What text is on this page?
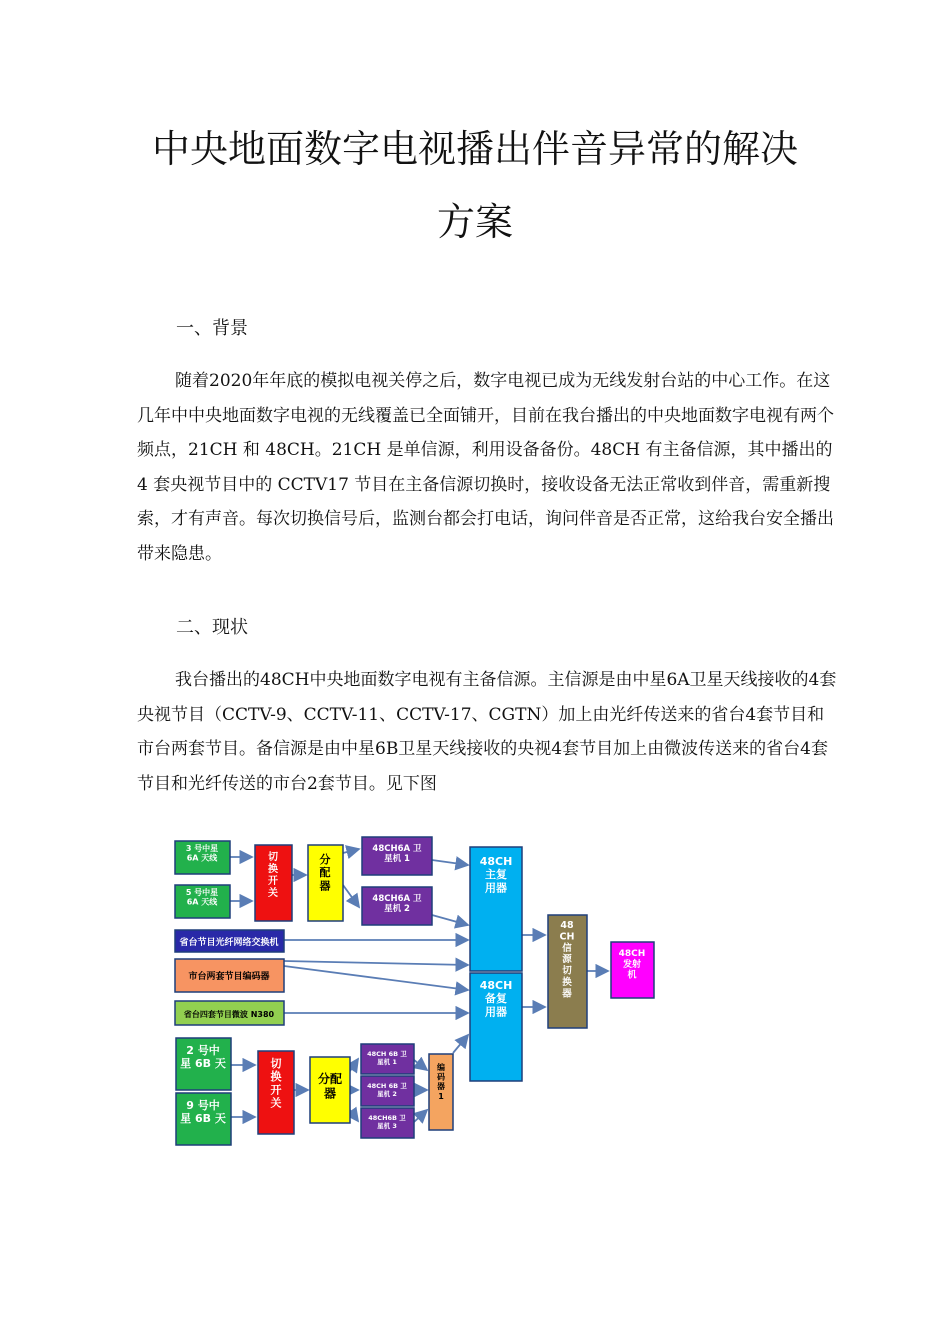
中央地面数字电视播出伴音异常的解决
方案
一、背景

随着2020年年底的模拟电视关停之后，数字电视已成为无线发射台站的中心工作。在这几年中中央地面数字电视的无线覆盖已全面铺开，目前在我台播出的中央地面数字电视有两个频点，21CH 和 48CH。21CH 是单信源，利用设备备份。48CH 有主备信源，其中播出的 4 套央视节目中的 CCTV17 节目在主备信源切换时，接收设备无法正常收到伴音，需重新搜索，才有声音。每次切换信号后，监测台都会打电话，询问伴音是否正常，这给我台安全播出带来隐患。

二、现状

我台播出的48CH中央地面数字电视有主备信源。主信源是由中星6A卫星天线接收的4套央视节目（CCTV-9、CCTV-11、CCTV-17、CGTN）加上由光纤传送来的省台4套节目和市台两套节目。备信源是由中星6B卫星天线接收的央视4套节目加上由微波传送来的省台4套节目和光纤传送的市台2套节目。见下图

3 号中星 6A 天线
5 号中星 6A 天线
切换开关
分配器
48CH6A 卫星机 1
48CH6A 卫星机 2
省台节目光纤网络交换机
市台两套节目编码器
省台四套节目微波 N380
48CH 主复用器
48CH 备复用器
48 CH 信源切换器
48CH 发射机
2 号中星 6B 天
9 号中星 6B 天
切换开关
分配器
48CH 6B 卫星机 1
48CH 6B 卫星机 2
48CH6B 卫星机 3
编码器 1
